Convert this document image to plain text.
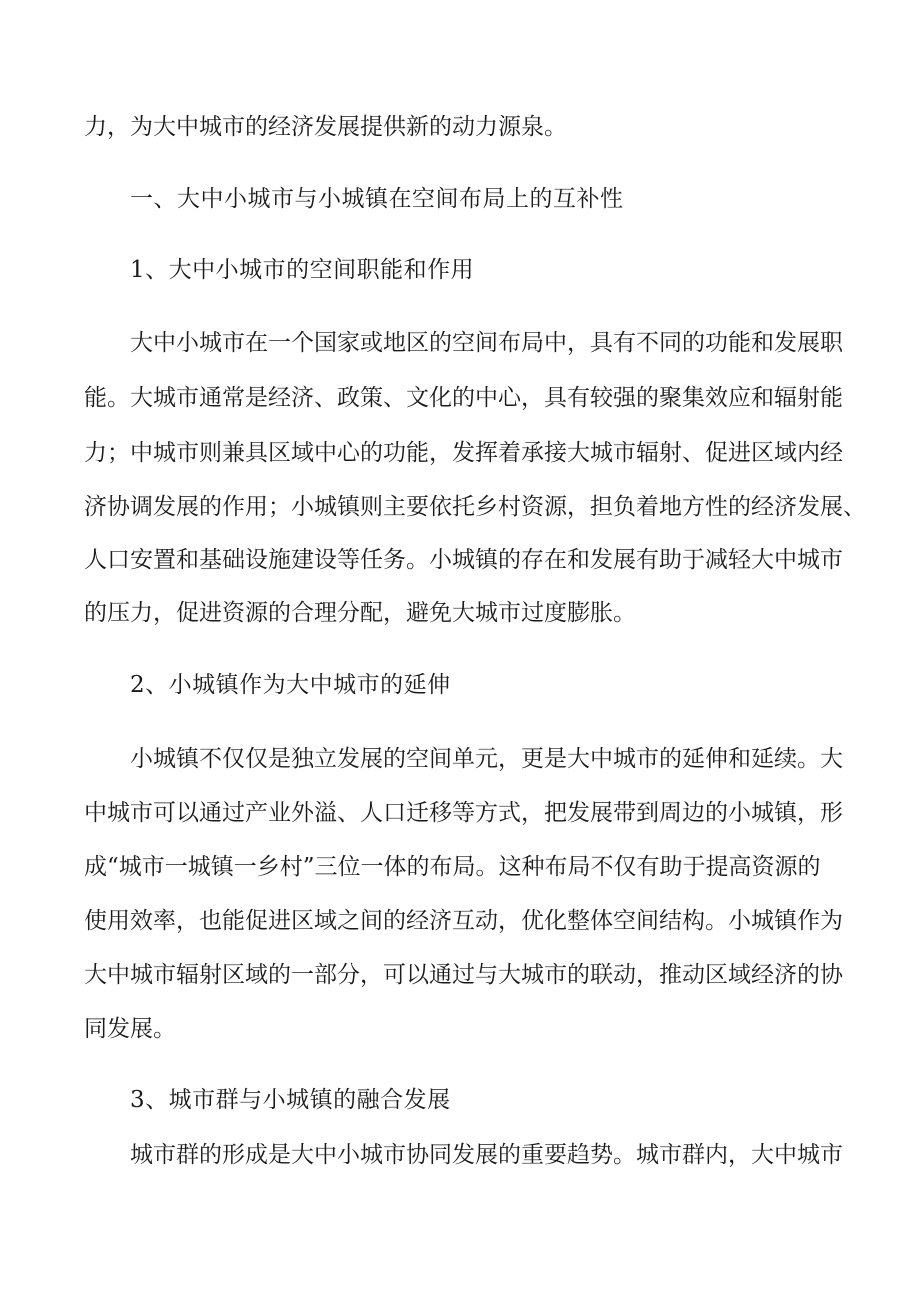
力，为大中城市的经济发展提供新的动力源泉。
一、大中小城市与小城镇在空间布局上的互补性
1、大中小城市的空间职能和作用
大中小城市在一个国家或地区的空间布局中，具有不同的功能和发展职
能。大城市通常是经济、政策、文化的中心，具有较强的聚集效应和辐射能
力；中城市则兼具区域中心的功能，发挥着承接大城市辐射、促进区域内经
济协调发展的作用；小城镇则主要依托乡村资源，担负着地方性的经济发展、
人口安置和基础设施建设等任务。小城镇的存在和发展有助于减轻大中城市
的压力，促进资源的合理分配，避免大城市过度膨胀。
2、小城镇作为大中城市的延伸
小城镇不仅仅是独立发展的空间单元，更是大中城市的延伸和延续。大
中城市可以通过产业外溢、人口迁移等方式，把发展带到周边的小城镇，形
成“城市一城镇一乡村”三位一体的布局。这种布局不仅有助于提高资源的
使用效率，也能促进区域之间的经济互动，优化整体空间结构。小城镇作为
大中城市辐射区域的一部分，可以通过与大城市的联动，推动区域经济的协
同发展。
3、城市群与小城镇的融合发展
城市群的形成是大中小城市协同发展的重要趋势。城市群内，大中城市
